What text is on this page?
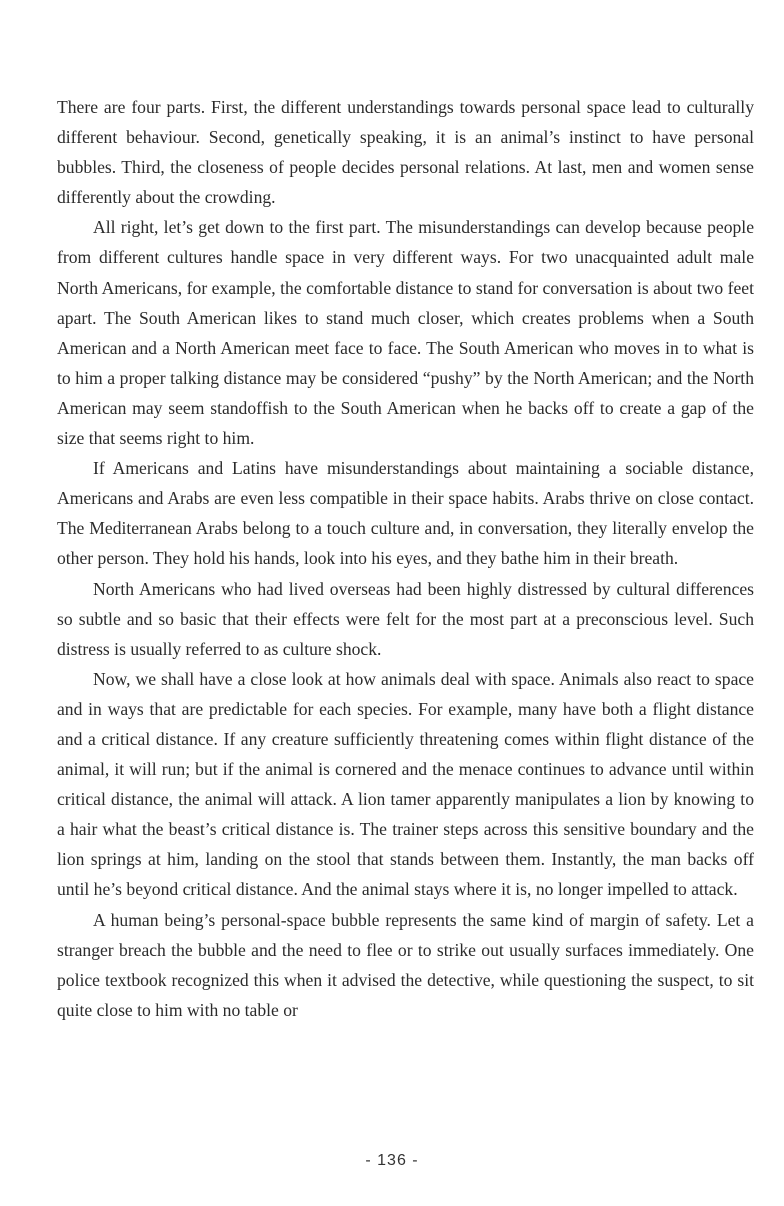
There are four parts. First, the different understandings towards personal space lead to culturally different behaviour. Second, genetically speaking, it is an animal’s instinct to have personal bubbles. Third, the closeness of people decides personal relations. At last, men and women sense differently about the crowding.

All right, let’s get down to the first part. The misunderstandings can develop because people from different cultures handle space in very different ways. For two unacquainted adult male North Americans, for example, the comfortable distance to stand for conversation is about two feet apart. The South American likes to stand much closer, which creates problems when a South American and a North American meet face to face. The South American who moves in to what is to him a proper talking distance may be considered “pushy” by the North American; and the North American may seem standoffish to the South American when he backs off to create a gap of the size that seems right to him.

If Americans and Latins have misunderstandings about maintaining a sociable distance, Americans and Arabs are even less compatible in their space habits. Arabs thrive on close contact. The Mediterranean Arabs belong to a touch culture and, in conversation, they literally envelop the other person. They hold his hands, look into his eyes, and they bathe him in their breath.

North Americans who had lived overseas had been highly distressed by cultural differences so subtle and so basic that their effects were felt for the most part at a preconscious level. Such distress is usually referred to as culture shock.

Now, we shall have a close look at how animals deal with space. Animals also react to space and in ways that are predictable for each species. For example, many have both a flight distance and a critical distance. If any creature sufficiently threatening comes within flight distance of the animal, it will run; but if the animal is cornered and the menace continues to advance until within critical distance, the animal will attack. A lion tamer apparently manipulates a lion by knowing to a hair what the beast’s critical distance is. The trainer steps across this sensitive boundary and the lion springs at him, landing on the stool that stands between them. Instantly, the man backs off until he’s beyond critical distance. And the animal stays where it is, no longer impelled to attack.

A human being’s personal-space bubble represents the same kind of margin of safety. Let a stranger breach the bubble and the need to flee or to strike out usually surfaces immediately. One police textbook recognized this when it advised the detective, while questioning the suspect, to sit quite close to him with no table or

- 136 -
